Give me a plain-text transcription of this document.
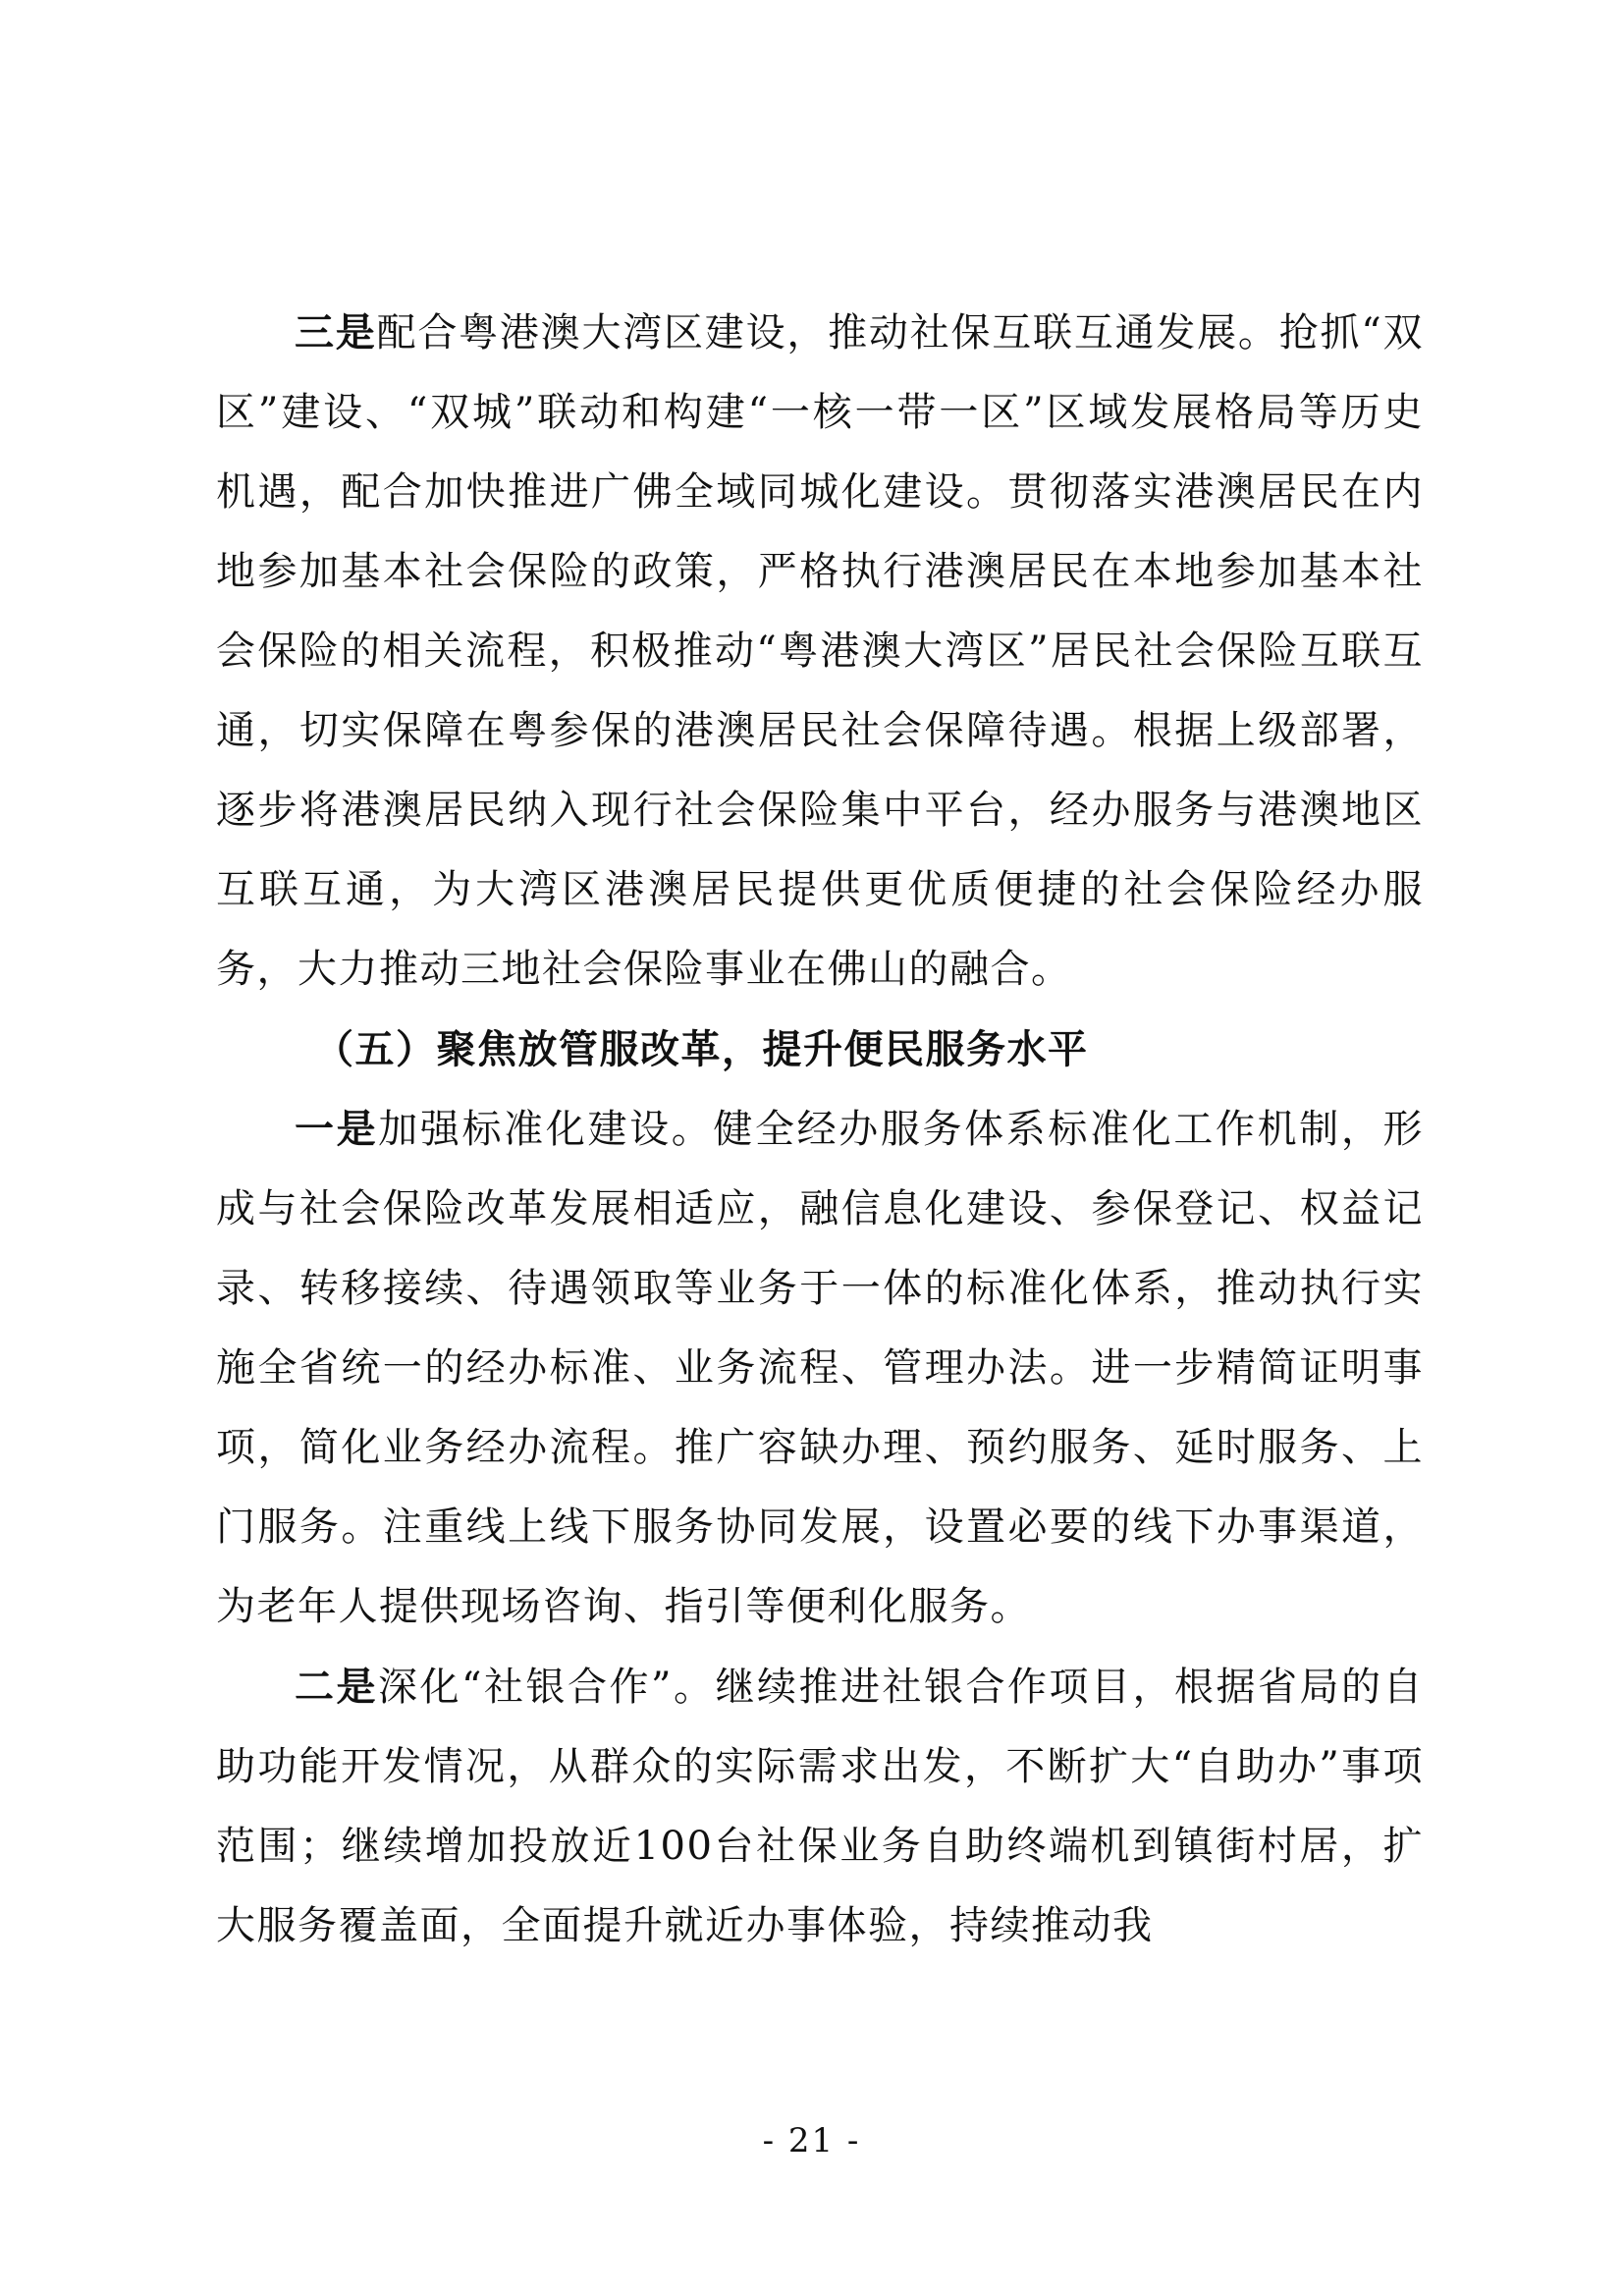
三是配合粤港澳大湾区建设，推动社保互联互通发展。抢抓“双区”建设、“双城”联动和构建“一核一带一区”区域发展格局等历史机遇，配合加快推进广佛全域同城化建设。贯彻落实港澳居民在内地参加基本社会保险的政策，严格执行港澳居民在本地参加基本社会保险的相关流程，积极推动“粤港澳大湾区”居民社会保险互联互通，切实保障在粤参保的港澳居民社会保障待遇。根据上级部署，逐步将港澳居民纳入现行社会保险集中平台，经办服务与港澳地区互联互通，为大湾区港澳居民提供更优质便捷的社会保险经办服务，大力推动三地社会保险事业在佛山的融合。

（五）聚焦放管服改革，提升便民服务水平

一是加强标准化建设。健全经办服务体系标准化工作机制，形成与社会保险改革发展相适应，融信息化建设、参保登记、权益记录、转移接续、待遇领取等业务于一体的标准化体系，推动执行实施全省统一的经办标准、业务流程、管理办法。进一步精简证明事项，简化业务经办流程。推广容缺办理、预约服务、延时服务、上门服务。注重线上线下服务协同发展，设置必要的线下办事渠道，为老年人提供现场咨询、指引等便利化服务。

二是深化“社银合作”。继续推进社银合作项目，根据省局的自助功能开发情况，从群众的实际需求出发，不断扩大“自助办”事项范围；继续增加投放近100台社保业务自助终端机到镇街村居，扩大服务覆盖面，全面提升就近办事体验，持续推动我

- 21 -
